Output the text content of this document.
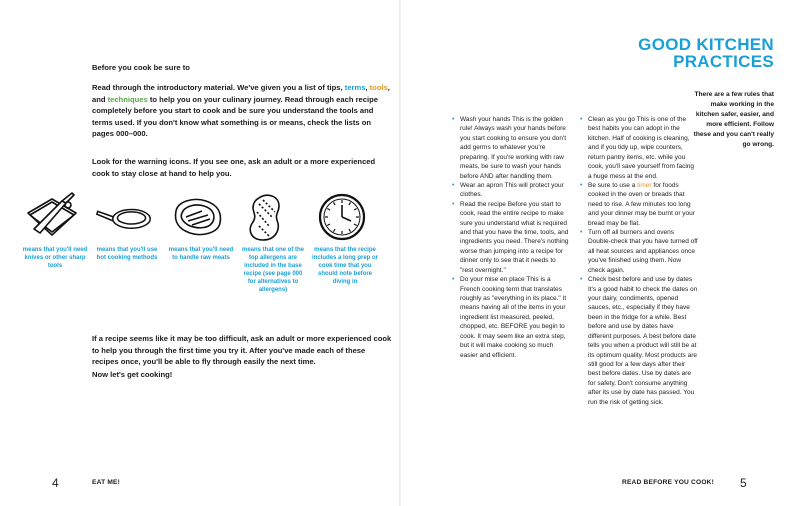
Before you cook be sure to

Read through the introductory material. We've given you a list of tips, terms, tools, and techniques to help you on your culinary journey. Read through each recipe completely before you start to cook and be sure you understand the tools and terms used. If you don't know what something is or means, check the lists on pages 000–000.

Look for the warning icons. If you see one, ask an adult or a more experienced cook to stay close at hand to help you.

means that you'll need knives or other sharp tools

means that you'll use hot cooking methods

means that you'll need to handle raw meats

means that one of the top allergens are included in the base recipe (see page 000 for alternatives to allergens)

means that the recipe includes a long prep or cook time that you should note before diving in

If a recipe seems like it may be too difficult, ask an adult or more experienced cook to help you through the first time you try it. After you've made each of these recipes once, you'll be able to fly through easily the next time.

Now let's get cooking!

4	EAT ME!
GOOD KITCHEN
PRACTICES

There are a few rules that make working in the kitchen safer, easier, and more efficient. Follow these and you can't really go wrong.

• Wash your hands This is the golden rule! Always wash your hands before you start cooking to ensure you don't add germs to whatever you're preparing. If you're working with raw meats, be sure to wash your hands before AND after handling them.
• Wear an apron This will protect your clothes.
• Read the recipe Before you start to cook, read the entire recipe to make sure you understand what is required and that you have the time, tools, and ingredients you need. There's nothing worse than jumping into a recipe for dinner only to see that it needs to "rest overnight."
• Do your mise en place This is a French cooking term that translates roughly as "everything in its place." It means having all of the items in your ingredient list measured, peeled, chopped, etc. BEFORE you begin to cook. It may seem like an extra step, but it will make cooking so much easier and efficient.
• Clean as you go This is one of the best habits you can adopt in the kitchen. Half of cooking is cleaning, and if you tidy up, wipe counters, return pantry items, etc. while you cook, you'll save yourself from facing a huge mess at the end.
• Be sure to use a timer for foods cooked in the oven or breads that need to rise. A few minutes too long and your dinner may be burnt or your bread may be flat.
• Turn off all burners and ovens Double-check that you have turned off all heat sources and appliances once you've finished using them. Now check again.
• Check best before and use by dates It's a good habit to check the dates on your dairy, condiments, opened sauces, etc., especially if they have been in the fridge for a while. Best before and use by dates have different purposes. A best before date tells you when a product will still be at its optimum quality. Most products are still good for a few days after their best before dates. Use by dates are for safety. Don't consume anything after its use by date has passed. You run the risk of getting sick.
READ BEFORE YOU COOK! 5
